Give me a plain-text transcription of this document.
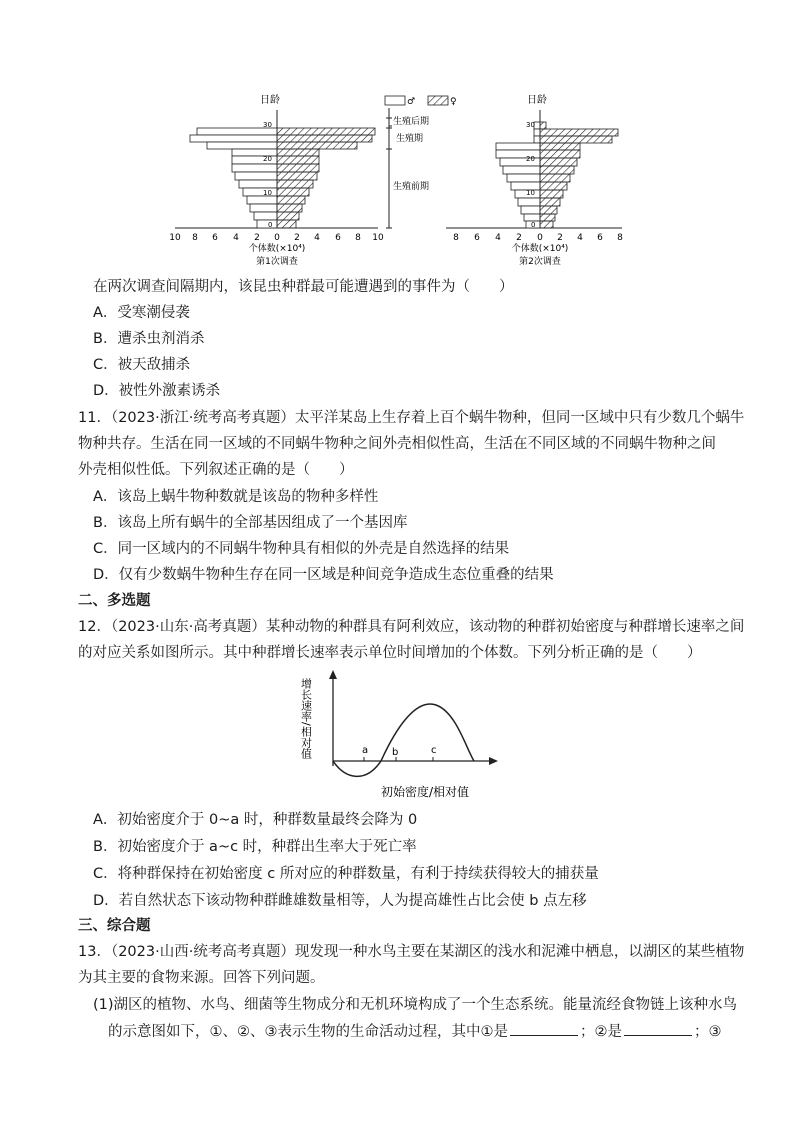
日龄
30
20
10
0
10 8 6 4 2 0 2 4 6 8 10
个体数(×10⁴)
第1次调查
♂	♀
生殖后期
生殖期
生殖前期
日龄
30
20
10
0
8 6 4 2 0 2 4 6 8
个体数(×10⁴)
第2次调查
在两次调查间隔期内，该昆虫种群最可能遭遇到的事件为（　　）
A．受寒潮侵袭
B．遭杀虫剂消杀
C．被天敌捕杀
D．被性外激素诱杀
11．（2023·浙江·统考高考真题）太平洋某岛上生存着上百个蜗牛物种，但同一区域中只有少数几个蜗牛
物种共存。生活在同一区域的不同蜗牛物种之间外壳相似性高，生活在不同区域的不同蜗牛物种之间
外壳相似性低。下列叙述正确的是（　　）
A．该岛上蜗牛物种数就是该岛的物种多样性
B．该岛上所有蜗牛的全部基因组成了一个基因库
C．同一区域内的不同蜗牛物种具有相似的外壳是自然选择的结果
D．仅有少数蜗牛物种生存在同一区域是种间竞争造成生态位重叠的结果
二、多选题
12．（2023·山东·高考真题）某种动物的种群具有阿利效应，该动物的种群初始密度与种群增长速率之间
的对应关系如图所示。其中种群增长速率表示单位时间增加的个体数。下列分析正确的是（　　）
增长速率/相对值	a b	c
初始密度/相对值
A．初始密度介于 0~a 时，种群数量最终会降为 0
B．初始密度介于 a~c 时，种群出生率大于死亡率
C．将种群保持在初始密度 c 所对应的种群数量，有利于持续获得较大的捕获量
D．若自然状态下该动物种群雌雄数量相等，人为提高雄性占比会使 b 点左移
三、综合题
13．（2023·山西·统考高考真题）现发现一种水鸟主要在某湖区的浅水和泥滩中栖息，以湖区的某些植物
为其主要的食物来源。回答下列问题。
(1)湖区的植物、水鸟、细菌等生物成分和无机环境构成了一个生态系统。能量流经食物链上该种水鸟
的示意图如下，①、②、③表示生物的生命活动过程，其中①是	；②是	；③
